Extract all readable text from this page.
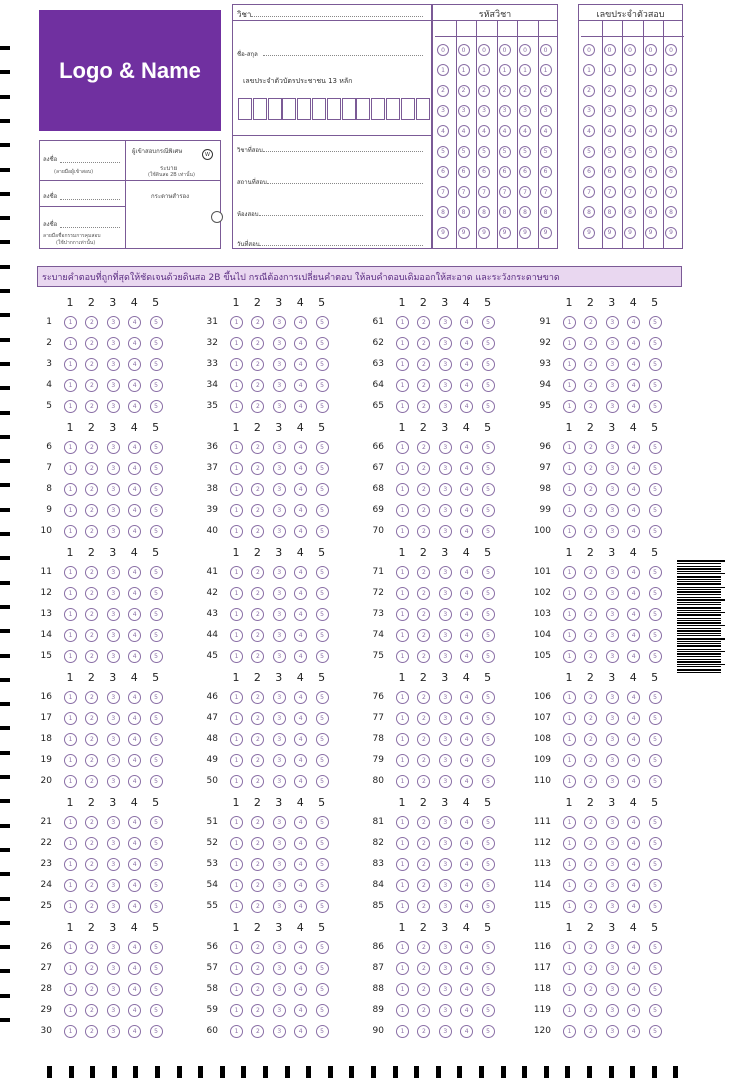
Logo & Name
ลงชื่อ
(ลายมือผู้เข้าสอบ)
ผู้เข้าสอบกรณีพิเศษ	W
ระบาย
(ใช้ดินสอ 2B เท่านั้น)
ลงชื่อ	กระดาษสำรอง
ลงชื่อ
ลายมือชื่อกรรมการคุมสอบ
(ใช้ปากกาเท่านั้น)
วิชา
ชื่อ-สกุล
เลขประจำตัวบัตรประชาชน 13 หลัก
วิชาที่สอบ
สถานที่สอบ
ห้องสอบ
วันที่สอบ
รหัสวิชา
0
1
2
3
4
5
6
7
8
9
0
1
2
3
4
5
6
7
8
9
0
1
2
3
4
5
6
7
8
9
0
1
2
3
4
5
6
7
8
9
0
1
2
3
4
5
6
7
8
9
0
1
2
3
4
5
6
7
8
9
เลขประจำตัวสอบ
0
1
2
3
4
5
6
7
8
9
0
1
2
3
4
5
6
7
8
9
0
1
2
3
4
5
6
7
8
9
0
1
2
3
4
5
6
7
8
9
0
1
2
3
4
5
6
7
8
9
ระบายคำตอบที่ถูกที่สุดให้ชัดเจนด้วยดินสอ 2B ขึ้นไป กรณีต้องการเปลี่ยนคำตอบ ให้ลบคำตอบเดิมออกให้สะอาด และระวังกระดาษขาด
1 2 3 4 5
1	1	2	3	4	5
2	1	2	3	4	5
3	1	2	3	4	5
4	1	2	3	4	5
5	1	2	3	4	5
1 2 3 4 5
6	1	2	3	4	5
7	1	2	3	4	5
8	1	2	3	4	5
9	1	2	3	4	5
10	1	2	3	4	5
1 2 3 4 5
11	1	2	3	4	5
12	1	2	3	4	5
13	1	2	3	4	5
14	1	2	3	4	5
15	1	2	3	4	5
1 2 3 4 5
16	1	2	3	4	5
17	1	2	3	4	5
18	1	2	3	4	5
19	1	2	3	4	5
20	1	2	3	4	5
1 2 3 4 5
21	1	2	3	4	5
22	1	2	3	4	5
23	1	2	3	4	5
24	1	2	3	4	5
25	1	2	3	4	5
1 2 3 4 5
26	1	2	3	4	5
27	1	2	3	4	5
28	1	2	3	4	5
29	1	2	3	4	5
30	1	2	3	4	5
1 2 3 4 5
31	1	2	3	4	5
32	1	2	3	4	5
33	1	2	3	4	5
34	1	2	3	4	5
35	1	2	3	4	5
1 2 3 4 5
36	1	2	3	4	5
37	1	2	3	4	5
38	1	2	3	4	5
39	1	2	3	4	5
40	1	2	3	4	5
1 2 3 4 5
41	1	2	3	4	5
42	1	2	3	4	5
43	1	2	3	4	5
44	1	2	3	4	5
45	1	2	3	4	5
1 2 3 4 5
46	1	2	3	4	5
47	1	2	3	4	5
48	1	2	3	4	5
49	1	2	3	4	5
50	1	2	3	4	5
1 2 3 4 5
51	1	2	3	4	5
52	1	2	3	4	5
53	1	2	3	4	5
54	1	2	3	4	5
55	1	2	3	4	5
1 2 3 4 5
56	1	2	3	4	5
57	1	2	3	4	5
58	1	2	3	4	5
59	1	2	3	4	5
60	1	2	3	4	5
1 2 3 4 5
61	1	2	3	4	5
62	1	2	3	4	5
63	1	2	3	4	5
64	1	2	3	4	5
65	1	2	3	4	5
1 2 3 4 5
66	1	2	3	4	5
67	1	2	3	4	5
68	1	2	3	4	5
69	1	2	3	4	5
70	1	2	3	4	5
1 2 3 4 5
71	1	2	3	4	5
72	1	2	3	4	5
73	1	2	3	4	5
74	1	2	3	4	5
75	1	2	3	4	5
1 2 3 4 5
76	1	2	3	4	5
77	1	2	3	4	5
78	1	2	3	4	5
79	1	2	3	4	5
80	1	2	3	4	5
1 2 3 4 5
81	1	2	3	4	5
82	1	2	3	4	5
83	1	2	3	4	5
84	1	2	3	4	5
85	1	2	3	4	5
1 2 3 4 5
86	1	2	3	4	5
87	1	2	3	4	5
88	1	2	3	4	5
89	1	2	3	4	5
90	1	2	3	4	5
1 2 3 4 5
91	1	2	3	4	5
92	1	2	3	4	5
93	1	2	3	4	5
94	1	2	3	4	5
95	1	2	3	4	5
1 2 3 4 5
96	1	2	3	4	5
97	1	2	3	4	5
98	1	2	3	4	5
99	1	2	3	4	5
100	1	2	3	4	5
1 2 3 4 5
101	1	2	3	4	5
102	1	2	3	4	5
103	1	2	3	4	5
104	1	2	3	4	5
105	1	2	3	4	5
1 2 3 4 5
106	1	2	3	4	5
107	1	2	3	4	5
108	1	2	3	4	5
109	1	2	3	4	5
110	1	2	3	4	5
1 2 3 4 5
111	1	2	3	4	5
112	1	2	3	4	5
113	1	2	3	4	5
114	1	2	3	4	5
115	1	2	3	4	5
1 2 3 4 5
116	1	2	3	4	5
117	1	2	3	4	5
118	1	2	3	4	5
119	1	2	3	4	5
120	1	2	3	4	5
